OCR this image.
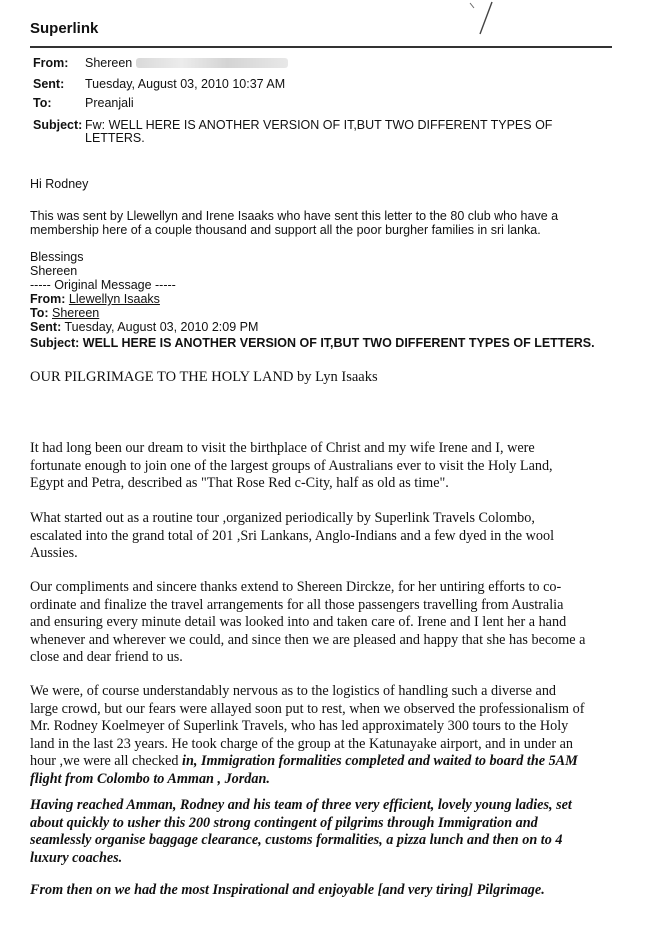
Superlink
From:	Shereen
Sent:	Tuesday, August 03, 2010 10:37 AM
To:	Preanjali
Subject: Fw: WELL HERE IS ANOTHER VERSION OF IT,BUT TWO DIFFERENT TYPES OF
LETTERS.
Hi Rodney
This was sent by Llewellyn and Irene Isaaks who have sent this letter to the 80 club who have a
membership here of a couple thousand and support all the poor burgher families in sri lanka.
Blessings
Shereen
----- Original Message -----
From: Llewellyn Isaaks
To: Shereen
Sent: Tuesday, August 03, 2010 2:09 PM
Subject: WELL HERE IS ANOTHER VERSION OF IT,BUT TWO DIFFERENT TYPES OF LETTERS.
OUR PILGRIMAGE TO THE HOLY LAND by Lyn Isaaks
It had long been our dream to visit the birthplace of Christ and my wife Irene and I, were
fortunate enough to join one of the largest groups of Australians ever to visit the Holy Land,
Egypt and Petra, described as "That Rose Red c-City, half as old as time".
What started out as a routine tour ,organized periodically by Superlink Travels Colombo,
escalated into the grand total of 201 ,Sri Lankans, Anglo-Indians and a few dyed in the wool
Aussies.
Our compliments and sincere thanks extend to Shereen Dirckze, for her untiring efforts to co-
ordinate and finalize the travel arrangements for all those passengers travelling from Australia
and ensuring every minute detail was looked into and taken care of. Irene and I lent her a hand
whenever and wherever we could, and since then we are pleased and happy that she has become a
close and dear friend to us.
We were, of course understandably nervous as to the logistics of handling such a diverse and
large crowd, but our fears were allayed soon put to rest, when we observed the professionalism of
Mr. Rodney Koelmeyer of Superlink Travels, who has led approximately 300 tours to the Holy
land in the last 23 years. He took charge of the group at the Katunayake airport, and in under an
hour ,we were all checked in, Immigration formalities completed and waited to board the 5AM
flight from Colombo to Amman , Jordan.
Having reached Amman, Rodney and his team of three very efficient, lovely young ladies, set
about quickly to usher this 200 strong contingent of pilgrims through Immigration and
seamlessly organise baggage clearance, customs formalities, a pizza lunch and then on to 4
luxury coaches.
From then on we had the most Inspirational and enjoyable [and very tiring] Pilgrimage.
